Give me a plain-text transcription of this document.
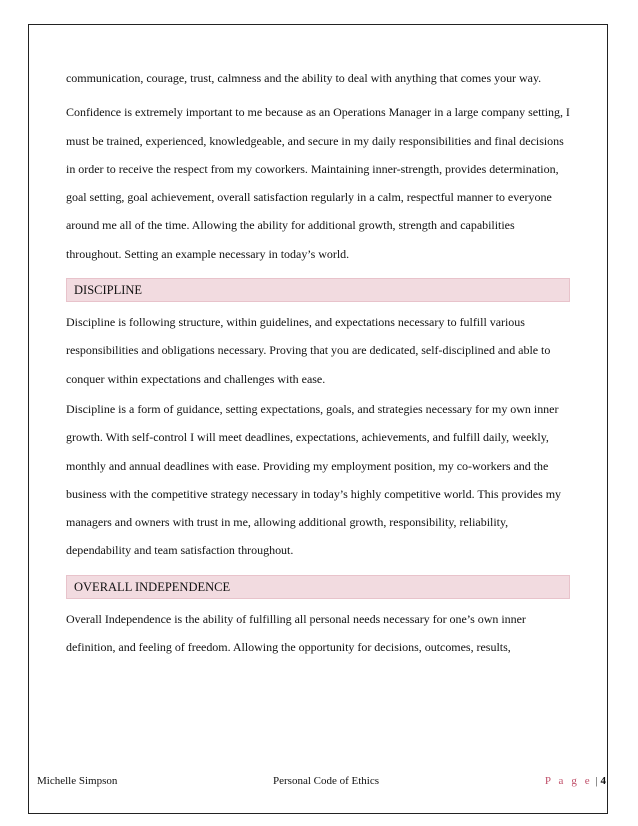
communication, courage, trust, calmness and the ability to deal with anything that comes your way.

Confidence is extremely important to me because as an Operations Manager in a large company setting, I must be trained, experienced, knowledgeable, and secure in my daily responsibilities and final decisions in order to receive the respect from my coworkers. Maintaining inner-strength, provides determination, goal setting, goal achievement, overall satisfaction regularly in a calm, respectful manner to everyone around me all of the time. Allowing the ability for additional growth, strength and capabilities throughout. Setting an example necessary in today’s world.

DISCIPLINE

Discipline is following structure, within guidelines, and expectations necessary to fulfill various responsibilities and obligations necessary. Proving that you are dedicated, self-disciplined and able to conquer within expectations and challenges with ease.

Discipline is a form of guidance, setting expectations, goals, and strategies necessary for my own inner growth. With self-control I will meet deadlines, expectations, achievements, and fulfill daily, weekly, monthly and annual deadlines with ease. Providing my employment position, my co-workers and the business with the competitive strategy necessary in today’s highly competitive world. This provides my managers and owners with trust in me, allowing additional growth, responsibility, reliability, dependability and team satisfaction throughout.

OVERALL INDEPENDENCE

Overall Independence is the ability of fulfilling all personal needs necessary for one’s own inner definition, and feeling of freedom. Allowing the opportunity for decisions, outcomes, results,

Michelle Simpson	Personal Code of Ethics	P a g e | 4
